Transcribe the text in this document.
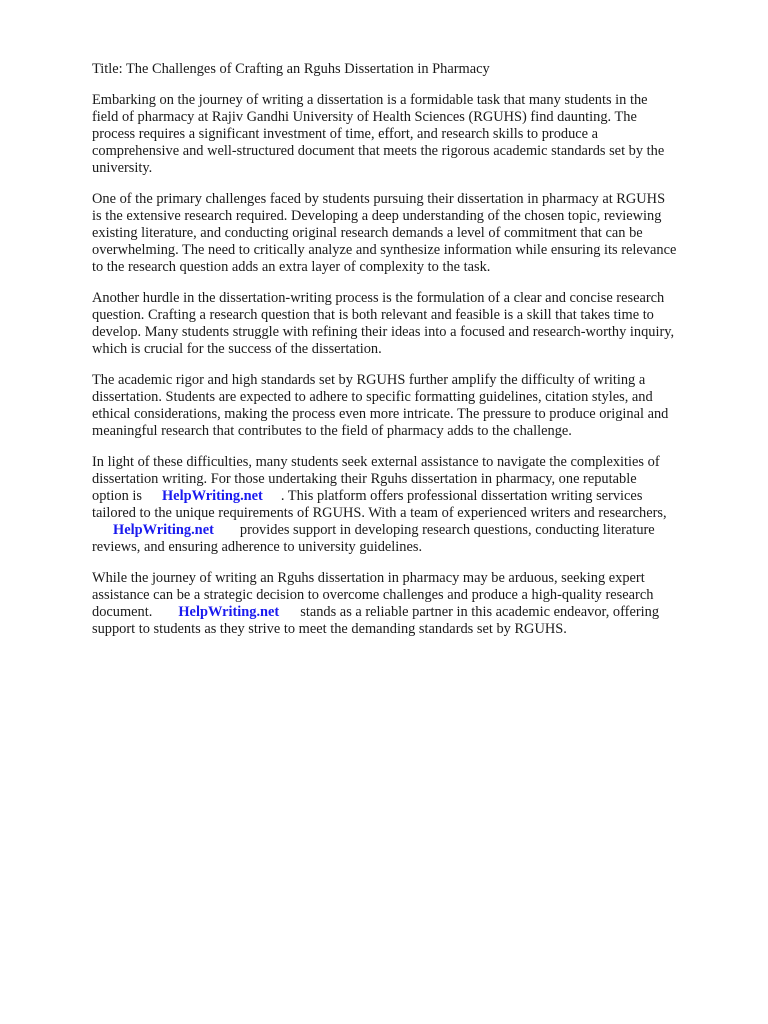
Title: The Challenges of Crafting an Rguhs Dissertation in Pharmacy

Embarking on the journey of writing a dissertation is a formidable task that many students in the
field of pharmacy at Rajiv Gandhi University of Health Sciences (RGUHS) find daunting. The
process requires a significant investment of time, effort, and research skills to produce a
comprehensive and well-structured document that meets the rigorous academic standards set by the
university.

One of the primary challenges faced by students pursuing their dissertation in pharmacy at RGUHS
is the extensive research required. Developing a deep understanding of the chosen topic, reviewing
existing literature, and conducting original research demands a level of commitment that can be
overwhelming. The need to critically analyze and synthesize information while ensuring its relevance
to the research question adds an extra layer of complexity to the task.

Another hurdle in the dissertation-writing process is the formulation of a clear and concise research
question. Crafting a research question that is both relevant and feasible is a skill that takes time to
develop. Many students struggle with refining their ideas into a focused and research-worthy inquiry,
which is crucial for the success of the dissertation.

The academic rigor and high standards set by RGUHS further amplify the difficulty of writing a
dissertation. Students are expected to adhere to specific formatting guidelines, citation styles, and
ethical considerations, making the process even more intricate. The pressure to produce original and
meaningful research that contributes to the field of pharmacy adds to the challenge.

In light of these difficulties, many students seek external assistance to navigate the complexities of
dissertation writing. For those undertaking their Rguhs dissertation in pharmacy, one reputable
option is HelpWriting.net . This platform offers professional dissertation writing services
tailored to the unique requirements of RGUHS. With a team of experienced writers and researchers,
HelpWriting.net provides support in developing research questions, conducting literature
reviews, and ensuring adherence to university guidelines.

While the journey of writing an Rguhs dissertation in pharmacy may be arduous, seeking expert
assistance can be a strategic decision to overcome challenges and produce a high-quality research
document. HelpWriting.net stands as a reliable partner in this academic endeavor, offering
support to students as they strive to meet the demanding standards set by RGUHS.
